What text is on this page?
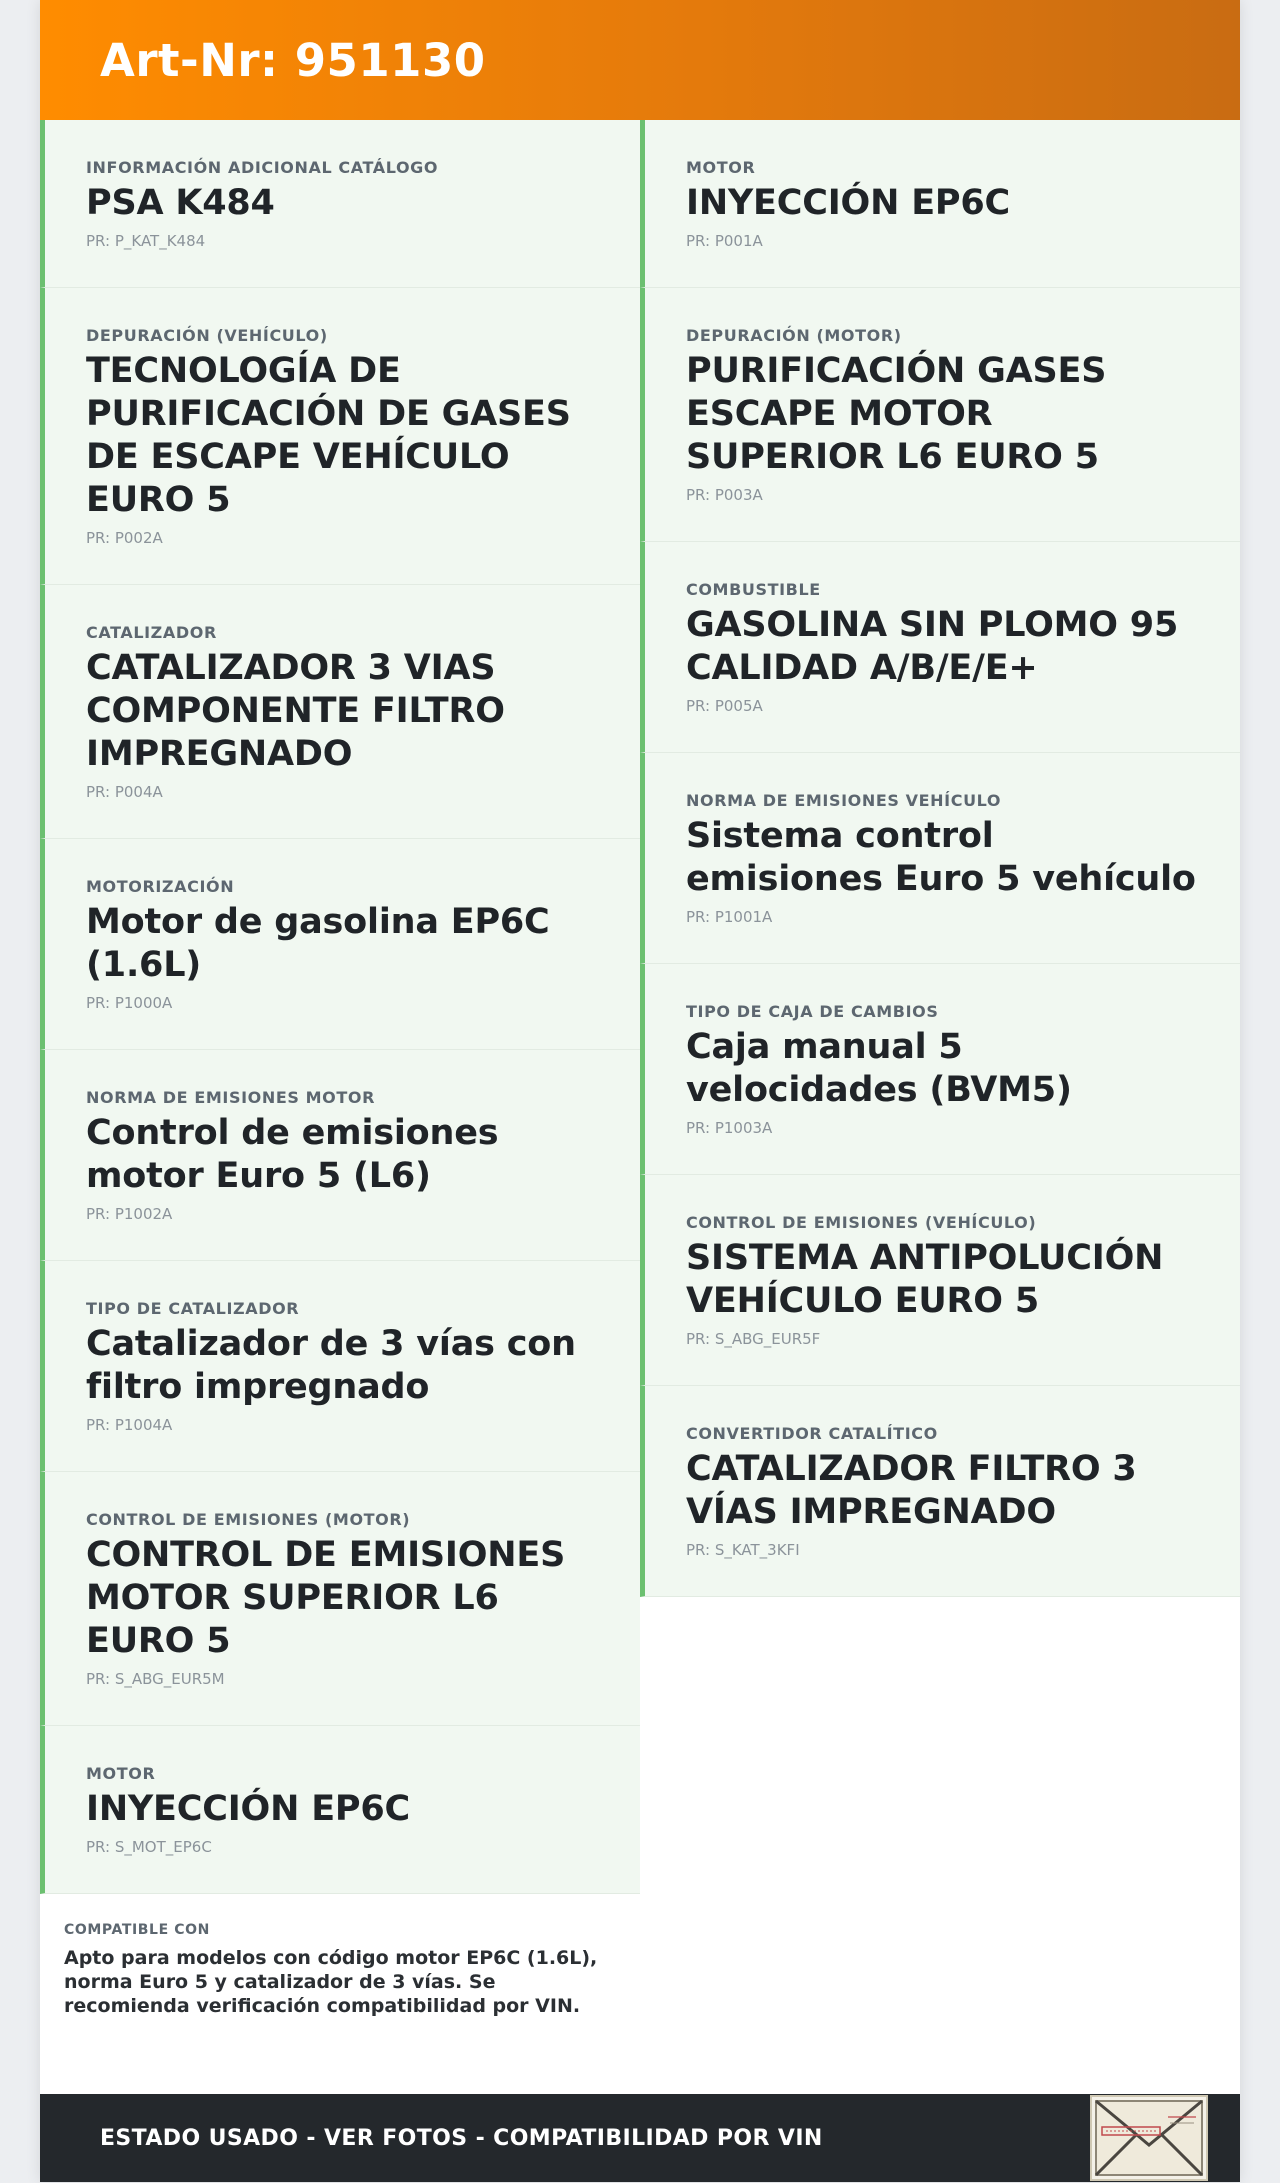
Art-Nr: 951130
INFORMACIÓN ADICIONAL CATÁLOGO
PSA K484
PR: P_KAT_K484
DEPURACIÓN (VEHÍCULO)
TECNOLOGÍA DE PURIFICACIÓN DE GASES DE ESCAPE VEHÍCULO EURO 5
PR: P002A
CATALIZADOR
CATALIZADOR 3 VIAS COMPONENTE FILTRO IMPREGNADO
PR: P004A
MOTORIZACIÓN
Motor de gasolina EP6C (1.6L)
PR: P1000A
NORMA DE EMISIONES MOTOR
Control de emisiones motor Euro 5 (L6)
PR: P1002A
TIPO DE CATALIZADOR
Catalizador de 3 vías con filtro impregnado
PR: P1004A
CONTROL DE EMISIONES (MOTOR)
CONTROL DE EMISIONES MOTOR SUPERIOR L6 EURO 5
PR: S_ABG_EUR5M
MOTOR
INYECCIÓN EP6C
PR: S_MOT_EP6C
COMPATIBLE CON
Apto para modelos con código motor EP6C (1.6L), norma Euro 5 y catalizador de 3 vías. Se recomienda verificación compatibilidad por VIN.
MOTOR
INYECCIÓN EP6C
PR: P001A
DEPURACIÓN (MOTOR)
PURIFICACIÓN GASES ESCAPE MOTOR SUPERIOR L6 EURO 5
PR: P003A
COMBUSTIBLE
GASOLINA SIN PLOMO 95 CALIDAD A/B/E/E+
PR: P005A
NORMA DE EMISIONES VEHÍCULO
Sistema control emisiones Euro 5 vehículo
PR: P1001A
TIPO DE CAJA DE CAMBIOS
Caja manual 5 velocidades (BVM5)
PR: P1003A
CONTROL DE EMISIONES (VEHÍCULO)
SISTEMA ANTIPOLUCIÓN VEHÍCULO EURO 5
PR: S_ABG_EUR5F
CONVERTIDOR CATALÍTICO
CATALIZADOR FILTRO 3 VÍAS IMPREGNADO
PR: S_KAT_3KFI
ESTADO USADO - VER FOTOS - COMPATIBILIDAD POR VIN
